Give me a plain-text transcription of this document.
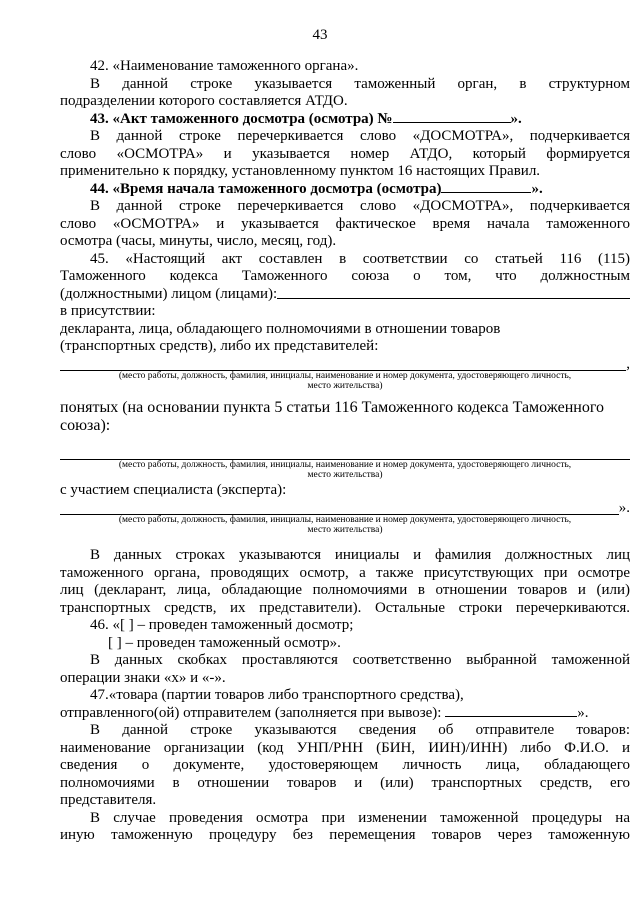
43
42. «Наименование таможенного органа».
В данной строке указывается таможенный орган, в структурном
подразделении которого составляется АТДО.
43. «Акт таможенного досмотра (осмотра) №	».
В данной строке перечеркивается слово «ДОСМОТРА», подчеркивается
слово «ОСМОТРА» и указывается номер АТДО, который формируется
применительно к порядку, установленному пунктом 16 настоящих Правил.
44. «Время начала таможенного досмотра (осмотра)	».
В данной строке перечеркивается слово «ДОСМОТРА», подчеркивается
слово «ОСМОТРА» и указывается фактическое время начала таможенного
осмотра (часы, минуты, число, месяц, год).
45. «Настоящий акт составлен в соответствии со статьей 116 (115)
Таможенного кодекса Таможенного союза о том, что должностным
(должностными) лицом (лицами):
в присутствии:
декларанта, лица, обладающего полномочиями в отношении товаров
(транспортных средств), либо их представителей:
,
(место работы, должность, фамилия, инициалы, наименование и номер документа, удостоверяющего личность,
место жительства)
понятых (на основании пункта 5 статьи 116 Таможенного кодекса Таможенного
союза):
(место работы, должность, фамилия, инициалы, наименование и номер документа, удостоверяющего личность,
место жительства)
с участием специалиста (эксперта):
».
(место работы, должность, фамилия, инициалы, наименование и номер документа, удостоверяющего личность,
место жительства)
В данных строках указываются инициалы и фамилия должностных лиц
таможенного органа, проводящих осмотр, а также присутствующих при осмотре
лиц (декларант, лица, обладающие полномочиями в отношении товаров и (или)
транспортных средств, их представители). Остальные строки перечеркиваются.
46. «[ ] – проведен таможенный досмотр;
[ ] – проведен таможенный осмотр».
В данных скобках проставляются соответственно выбранной таможенной
операции знаки «х» и «-».
47.«товара (партии товаров либо транспортного средства),
отправленного(ой) отправителем (заполняется при вывозе):	».
В данной строке указываются сведения об отправителе товаров:
наименование организации (код УНП/РНН (БИН, ИИН)/ИНН) либо Ф.И.О. и
сведения о документе, удостоверяющем личность лица, обладающего
полномочиями в отношении товаров и (или) транспортных средств, его
представителя.
В случае проведения осмотра при изменении таможенной процедуры на
иную таможенную процедуру без перемещения товаров через таможенную
